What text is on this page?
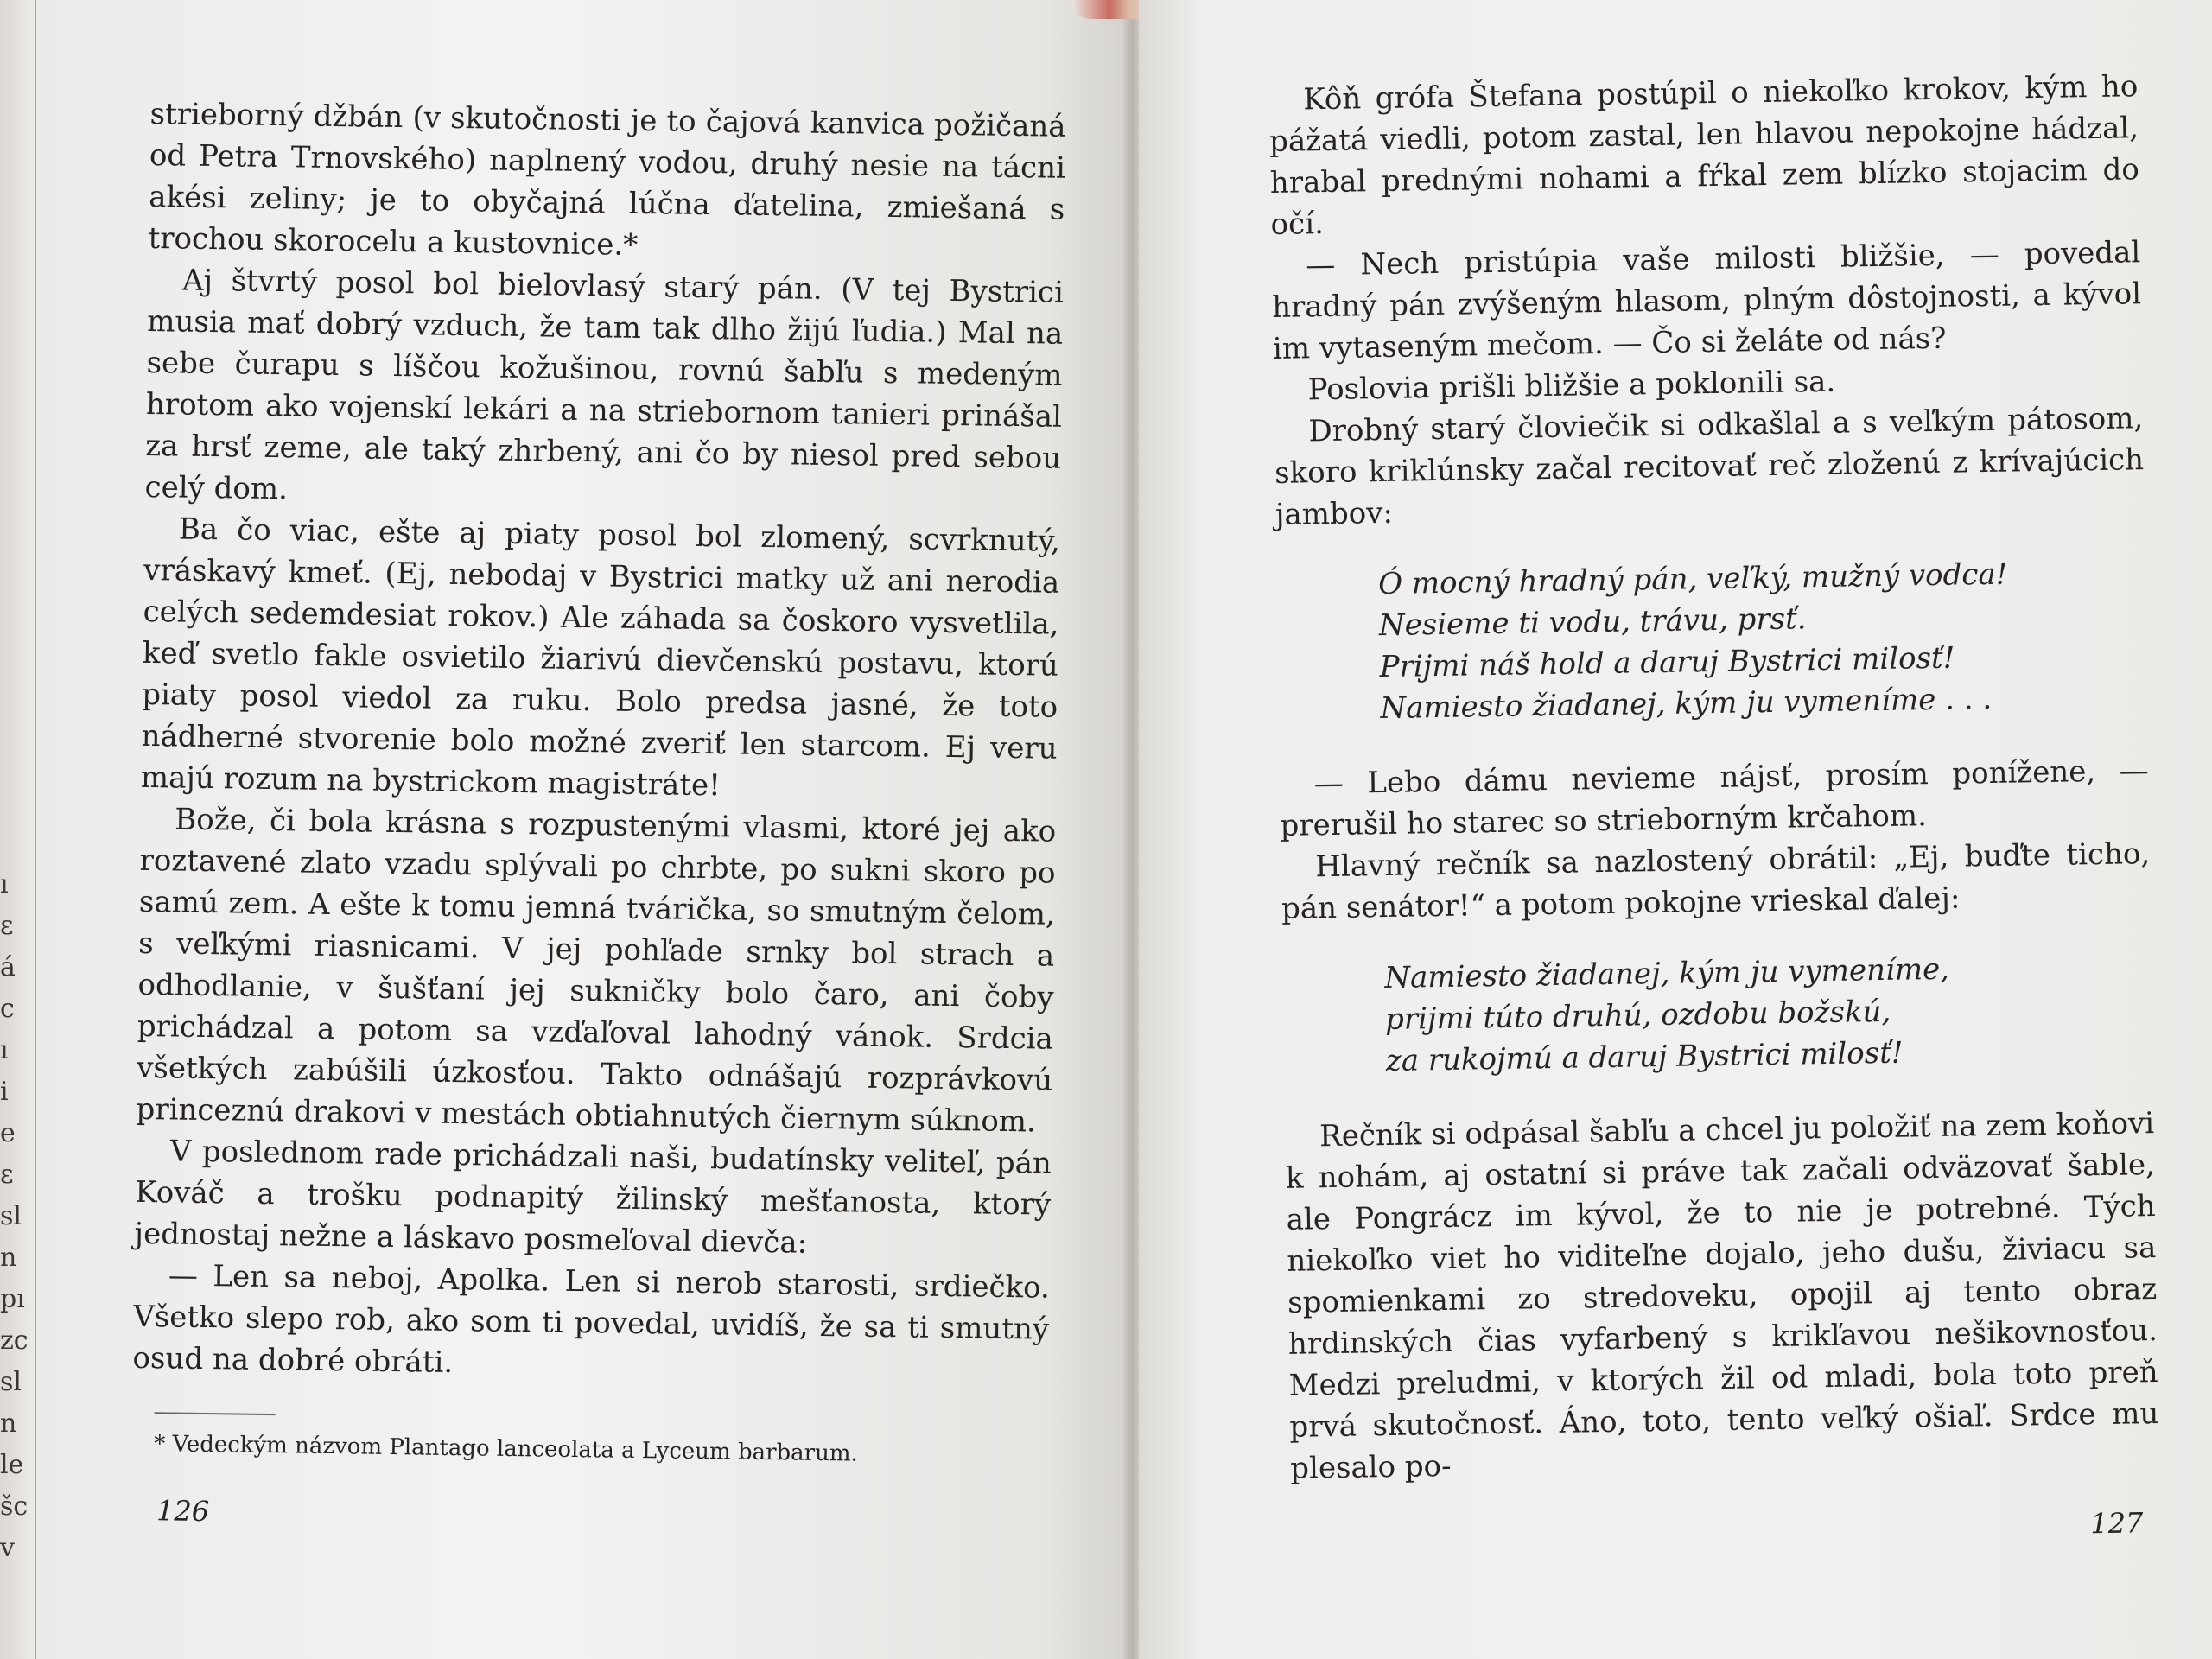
ı
ε
á
c
ı
i
e
ε
sl
n
pı
zc
sl
n
le
šc
v

strieborný džbán (v skutočnosti je to čajová kanvica požičaná od Petra Trnovského) naplnený vodou, druhý nesie na tácni akési zeliny; je to obyčajná lúčna ďatelina, zmiešaná s trochou skorocelu a kustovnice.*

Aj štvrtý posol bol bielovlasý starý pán. (V tej Bystrici musia mať dobrý vzduch, že tam tak dlho žijú ľudia.) Mal na sebe čurapu s líščou kožušinou, rovnú šabľu s medeným hrotom ako vojenskí lekári a na striebornom tanieri prinášal za hrsť zeme, ale taký zhrbený, ani čo by niesol pred sebou celý dom.

Ba čo viac, ešte aj piaty posol bol zlomený, scvrknutý, vráskavý kmeť. (Ej, nebodaj v Bystrici matky už ani nerodia celých sedemdesiat rokov.) Ale záhada sa čoskoro vysvetlila, keď svetlo fakle osvietilo žiarivú dievčenskú postavu, ktorú piaty posol viedol za ruku. Bolo predsa jasné, že toto nádherné stvorenie bolo možné zveriť len starcom. Ej veru majú rozum na bystrickom magistráte!

Bože, či bola krásna s rozpustenými vlasmi, ktoré jej ako roztavené zlato vzadu splývali po chrbte, po sukni skoro po samú zem. A ešte k tomu jemná tvárička, so smutným čelom, s veľkými riasnicami. V jej pohľade srnky bol strach a odhodlanie, v šušťaní jej sukničky bolo čaro, ani čoby prichádzal a potom sa vzďaľoval lahodný vánok. Srdcia všetkých zabúšili úzkosťou. Takto odnášajú rozprávkovú princeznú drakovi v mestách obtiahnutých čiernym súknom.

V poslednom rade prichádzali naši, budatínsky veliteľ, pán Kováč a trošku podnapitý žilinský mešťanosta, ktorý jednostaj nežne a láskavo posmeľoval dievča:

— Len sa neboj, Apolka. Len si nerob starosti, srdiečko. Všetko slepo rob, ako som ti povedal, uvidíš, že sa ti smutný osud na dobré obráti.

* Vedeckým názvom Plantago lanceolata a Lyceum barbarum.

126

Kôň grófa Štefana postúpil o niekoľko krokov, kým ho pážatá viedli, potom zastal, len hlavou nepokojne hádzal, hrabal prednými nohami a fŕkal zem blízko stojacim do očí.

— Nech pristúpia vaše milosti bližšie, — povedal hradný pán zvýšeným hlasom, plným dôstojnosti, a kývol im vytaseným mečom. — Čo si želáte od nás?

Poslovia prišli bližšie a poklonili sa.

Drobný starý človiečik si odkašlal a s veľkým pátosom, skoro kriklúnsky začal recitovať reč zloženú z krívajúcich jambov:

Ó mocný hradný pán, veľký, mužný vodca!
Nesieme ti vodu, trávu, prsť.
Prijmi náš hold a daruj Bystrici milosť!
Namiesto žiadanej, kým ju vymeníme . . .

— Lebo dámu nevieme nájsť, prosím ponížene, — prerušil ho starec so strieborným krčahom.

Hlavný rečník sa nazlostený obrátil: „Ej, buďte ticho, pán senátor!“ a potom pokojne vrieskal ďalej:

Namiesto žiadanej, kým ju vymeníme,
prijmi túto druhú, ozdobu božskú,
za rukojmú a daruj Bystrici milosť!

Rečník si odpásal šabľu a chcel ju položiť na zem koňovi k nohám, aj ostatní si práve tak začali odväzovať šable, ale Pongrácz im kývol, že to nie je potrebné. Tých niekoľko viet ho viditeľne dojalo, jeho dušu, živiacu sa spomienkami zo stredoveku, opojil aj tento obraz hrdinských čias vyfarbený s krikľavou nešikovnosťou. Medzi preludmi, v ktorých žil od mladi, bola toto preň prvá skutočnosť. Áno, toto, tento veľký ošiaľ. Srdce mu plesalo po-

127
